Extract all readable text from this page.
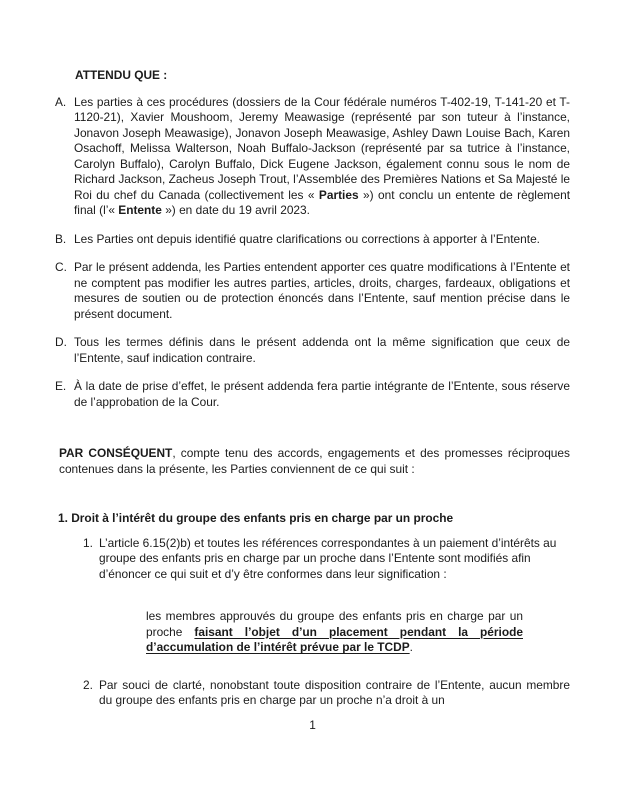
ATTENDU QUE :

A. Les parties à ces procédures (dossiers de la Cour fédérale numéros T-402-19, T-141-20 et T-1120-21), Xavier Moushoom, Jeremy Meawasige (représenté par son tuteur à l’instance, Jonavon Joseph Meawasige), Jonavon Joseph Meawasige, Ashley Dawn Louise Bach, Karen Osachoff, Melissa Walterson, Noah Buffalo-Jackson (représenté par sa tutrice à l’instance, Carolyn Buffalo), Carolyn Buffalo, Dick Eugene Jackson, également connu sous le nom de Richard Jackson, Zacheus Joseph Trout, l’Assemblée des Premières Nations et Sa Majesté le Roi du chef du Canada (collectivement les « Parties ») ont conclu un entente de règlement final (l’« Entente ») en date du 19 avril 2023.
B. Les Parties ont depuis identifié quatre clarifications ou corrections à apporter à l’Entente.
C. Par le présent addenda, les Parties entendent apporter ces quatre modifications à l’Entente et ne comptent pas modifier les autres parties, articles, droits, charges, fardeaux, obligations et mesures de soutien ou de protection énoncés dans l’Entente, sauf mention précise dans le présent document.
D. Tous les termes définis dans le présent addenda ont la même signification que ceux de l’Entente, sauf indication contraire.
E. À la date de prise d’effet, le présent addenda fera partie intégrante de l’Entente, sous réserve de l’approbation de la Cour.
PAR CONSÉQUENT, compte tenu des accords, engagements et des promesses réciproques contenues dans la présente, les Parties conviennent de ce qui suit :
1. Droit à l’intérêt du groupe des enfants pris en charge par un proche
1. L’article 6.15(2)b) et toutes les références correspondantes à un paiement d’intérêts au groupe des enfants pris en charge par un proche dans l’Entente sont modifiés afin d’énoncer ce qui suit et d’y être conformes dans leur signification :
les membres approuvés du groupe des enfants pris en charge par un proche faisant l’objet d’un placement pendant la période d’accumulation de l’intérêt prévue par le TCDP.
2. Par souci de clarté, nonobstant toute disposition contraire de l’Entente, aucun membre du groupe des enfants pris en charge par un proche n’a droit à un
1
